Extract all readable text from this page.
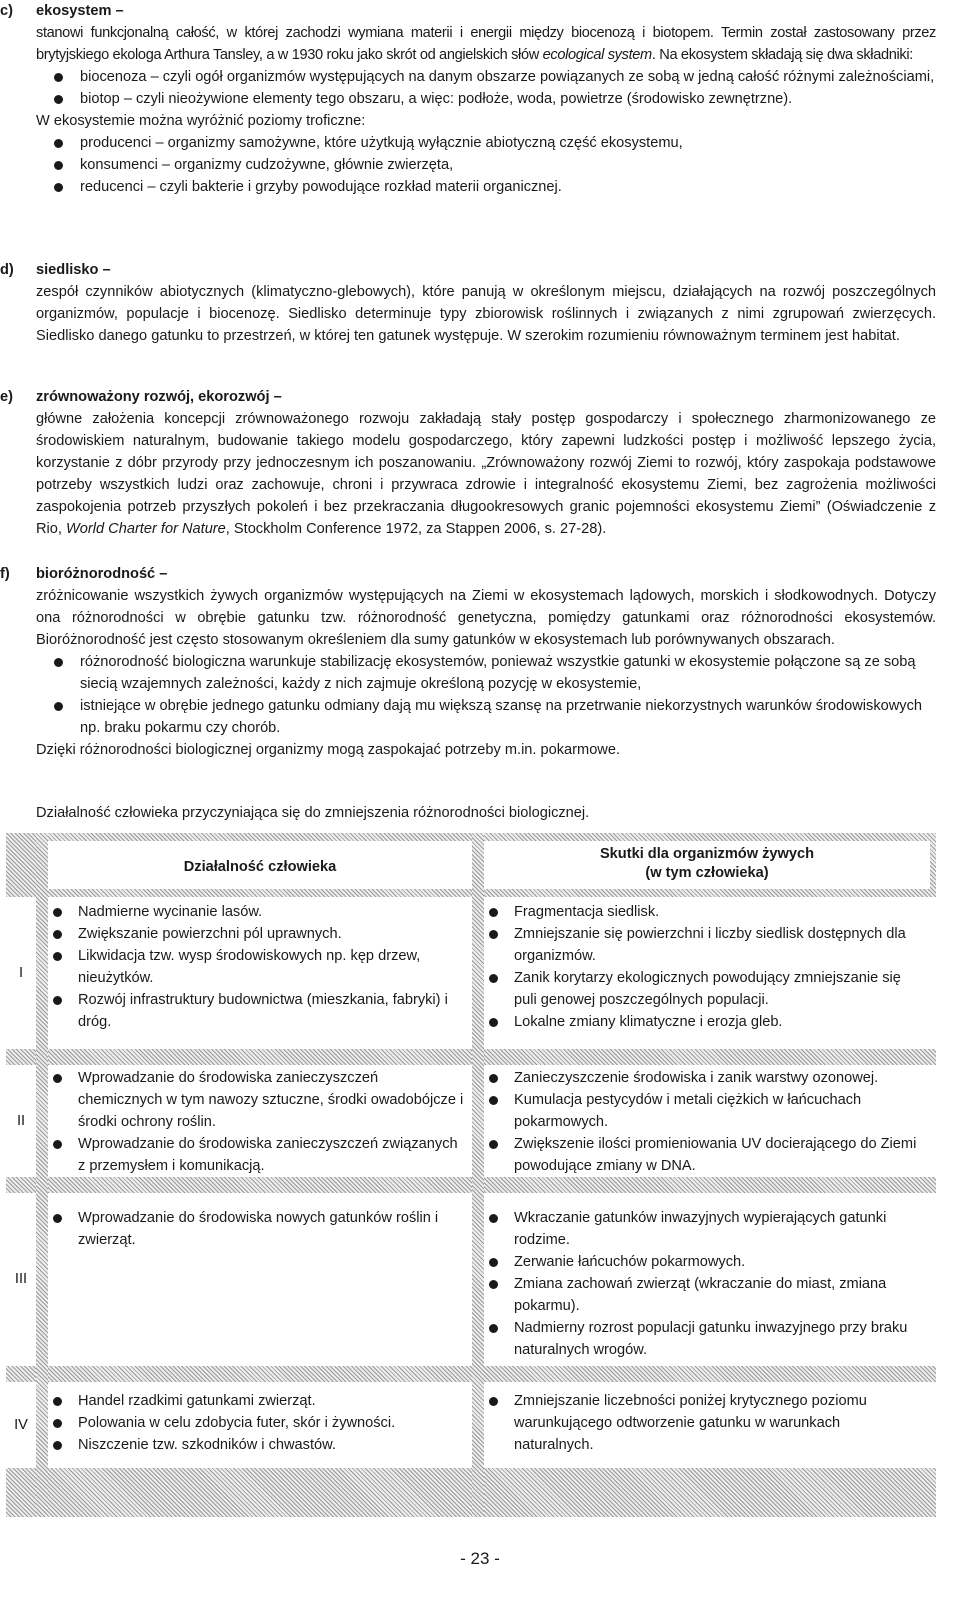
c) ekosystem –

stanowi funkcjonalną całość, w której zachodzi wymiana materii i energii między biocenozą i biotopem. Termin został zastosowany przez brytyjskiego ekologa Arthura Tansley, a w 1930 roku jako skrót od angielskich słów ecological system. Na ekosystem składają się dwa składniki:

biocenoza – czyli ogół organizmów występujących na danym obszarze powiązanych ze sobą w jedną całość różnymi zależnościami,
biotop – czyli nieożywione elementy tego obszaru, a więc: podłoże, woda, powietrze (środowisko zewnętrzne).

W ekosystemie można wyróżnić poziomy troficzne:

producenci – organizmy samożywne, które użytkują wyłącznie abiotyczną część ekosystemu,
konsumenci – organizmy cudzożywne, głównie zwierzęta,
reducenci – czyli bakterie i grzyby powodujące rozkład materii organicznej.
d) siedlisko –

zespół czynników abiotycznych (klimatyczno-glebowych), które panują w określonym miejscu, działających na rozwój poszczególnych organizmów, populacje i biocenozę. Siedlisko determinuje typy zbiorowisk roślinnych i związanych z nimi zgrupowań zwierzęcych. Siedlisko danego gatunku to przestrzeń, w której ten gatunek występuje. W szerokim rozumieniu równoważnym terminem jest habitat.

e) zrównoważony rozwój, ekorozwój –

główne założenia koncepcji zrównoważonego rozwoju zakładają stały postęp gospodarczy i społecznego zharmonizowanego ze środowiskiem naturalnym, budowanie takiego modelu gospodarczego, który zapewni ludzkości postęp i możliwość lepszego życia, korzystanie z dóbr przyrody przy jednoczesnym ich poszanowaniu. „Zrównoważony rozwój Ziemi to rozwój, który zaspokaja podstawowe potrzeby wszystkich ludzi oraz zachowuje, chroni i przywraca zdrowie i integralność ekosystemu Ziemi, bez zagrożenia możliwości zaspokojenia potrzeb przyszłych pokoleń i bez przekraczania długookresowych granic pojemności ekosystemu Ziemi” (Oświadczenie z Rio, World Charter for Nature, Stockholm Conference 1972, za Stappen 2006, s. 27-28).

f) bioróżnorodność –

zróżnicowanie wszystkich żywych organizmów występujących na Ziemi w ekosystemach lądowych, morskich i słodkowodnych. Dotyczy ona różnorodności w obrębie gatunku tzw. różnorodność genetyczna, pomiędzy gatunkami oraz różnorodności ekosystemów. Bioróżnorodność jest często stosowanym określeniem dla sumy gatunków w ekosystemach lub porównywanych obszarach.

różnorodność biologiczna warunkuje stabilizację ekosystemów, ponieważ wszystkie gatunki w ekosystemie połączone są ze sobą siecią wzajemnych zależności, każdy z nich zajmuje określoną pozycję w ekosystemie,
istniejące w obrębie jednego gatunku odmiany dają mu większą szansę na przetrwanie niekorzystnych warunków środowiskowych np. braku pokarmu czy chorób.

Dzięki różnorodności biologicznej organizmy mogą zaspokajać potrzeby m.in. pokarmowe.

Działalność człowieka przyczyniająca się do zmniejszenia różnorodności biologicznej.
Działalność człowieka
Skutki dla organizmów żywych
(w tym człowieka)
I
Nadmierne wycinanie lasów.
Zwiększanie powierzchni pól uprawnych.
Likwidacja tzw. wysp środowiskowych np. kęp drzew, nieużytków.
Rozwój infrastruktury budownictwa (mieszkania, fabryki) i dróg.
Fragmentacja siedlisk.
Zmniejszanie się powierzchni i liczby siedlisk dostępnych dla organizmów.
Zanik korytarzy ekologicznych powodujący zmniejszanie się puli genowej poszczególnych populacji.
Lokalne zmiany klimatyczne i erozja gleb.
II
Wprowadzanie do środowiska zanieczyszczeń chemicznych w tym nawozy sztuczne, środki owadobójcze i środki ochrony roślin.
Wprowadzanie do środowiska zanieczyszczeń związanych z przemysłem i komunikacją.
Zanieczyszczenie środowiska i zanik warstwy ozonowej.
Kumulacja pestycydów i metali ciężkich w łańcuchach pokarmowych.
Zwiększenie ilości promieniowania UV docierającego do Ziemi powodujące zmiany w DNA.
III
Wprowadzanie do środowiska nowych gatunków roślin i zwierząt.
Wkraczanie gatunków inwazyjnych wypierających gatunki rodzime.
Zerwanie łańcuchów pokarmowych.
Zmiana zachowań zwierząt (wkraczanie do miast, zmiana pokarmu).
Nadmierny rozrost populacji gatunku inwazyjnego przy braku naturalnych wrogów.
IV
Handel rzadkimi gatunkami zwierząt.
Polowania w celu zdobycia futer, skór i żywności.
Niszczenie tzw. szkodników i chwastów.
Zmniejszanie liczebności poniżej krytycznego poziomu warunkującego odtworzenie gatunku w warunkach naturalnych.
- 23 -
